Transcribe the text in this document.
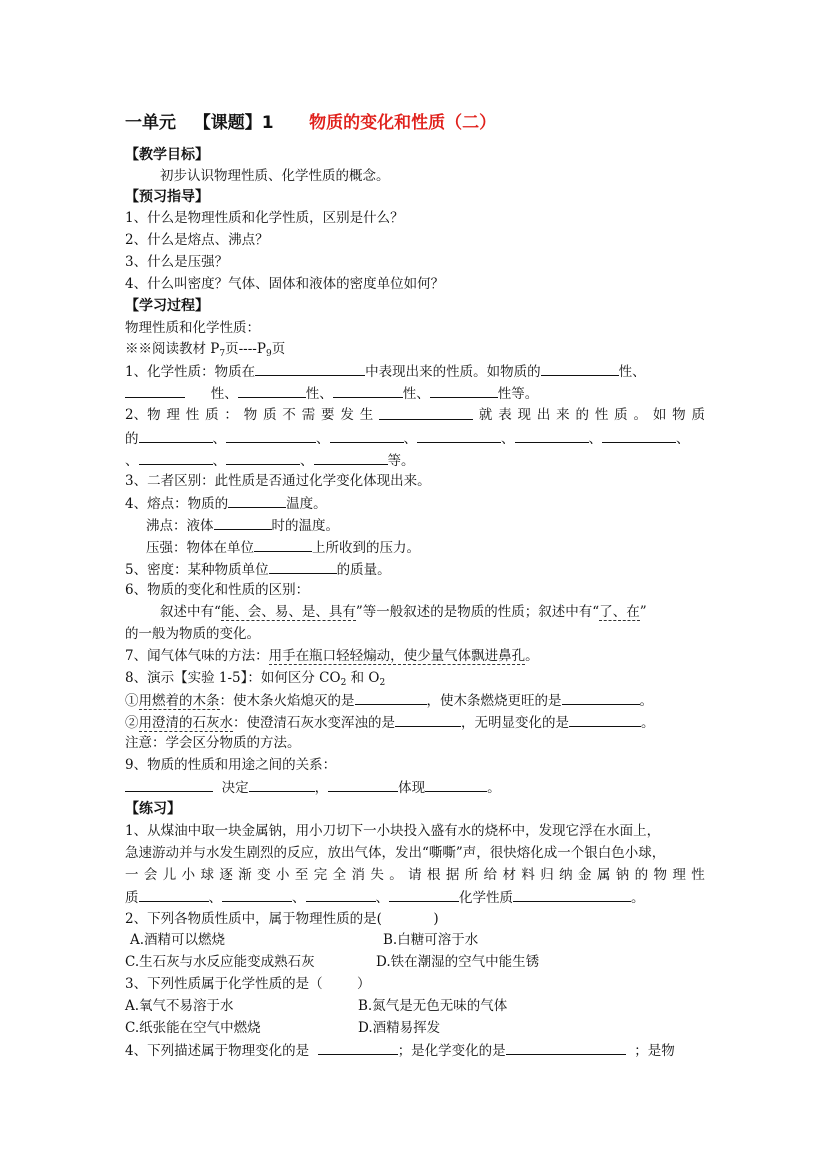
一单元 【课题】1 物质的变化和性质（二）
【教学目标】
初步认识物理性质、化学性质的概念。
【预习指导】
1、什么是物理性质和化学性质，区别是什么？
2、什么是熔点、沸点？
3、什么是压强？
4、什么叫密度？气体、固体和液体的密度单位如何？
【学习过程】
物理性质和化学性质：
※※阅读教材 $P_7$页$----P_9$页
1、化学性质：物质在	中表现出来的性质。如物质的	性、
性、	性、	性、	性等。
2、物 理 性 质 ： 物 质 不 需 要 发 生	就 表 现 出 来 的 性 质 。 如 物 质
的	、	、	、	、	、	、
、	、	、	等。
3、二者区别：此性质是否通过化学变化体现出来。
4、熔点：物质的	温度。
沸点：液体	时的温度。
压强：物体在单位	上所收到的压力。
5、密度：某种物质单位	的质量。
6、物质的变化和性质的区别：
叙述中有“能、会、易、是、具有”等一般叙述的是物质的性质；叙述中有“了、在”
的一般为物质的变化。
7、闻气体气味的方法：用手在瓶口轻轻煽动，使少量气体飘进鼻孔。
8、演示【实验 1-5】：如何区分 $CO_2$ 和 $O_2$
①用燃着的木条：使木条火焰熄灭的是	，使木条燃烧更旺的是	。
②用澄清的石灰水：使澄清石灰水变浑浊的是	，无明显变化的是	。
注意：学会区分物质的方法。
9、物质的性质和用途之间的关系：
决定	，	体现	。
【练习】
1、从煤油中取一块金属钠，用小刀切下一小块投入盛有水的烧杯中，发现它浮在水面上，
急速游动并与水发生剧烈的反应，放出气体，发出“嘶嘶”声，很快熔化成一个银白色小球，
一 会 儿 小 球 逐 渐 变 小 至 完 全 消 失 。 请 根 据 所 给 材 料 归 纳 金 属 钠 的 物 理 性
质	、	、	、	化学性质	。
2、下列各物质性质中，属于物理性质的是(	)
A.酒精可以燃烧	B.白糖可溶于水
C.生石灰与水反应能变成熟石灰	D.铁在潮湿的空气中能生锈
3、下列性质属于化学性质的是（	）
A.氧气不易溶于水	B.氮气是无色无味的气体
C.纸张能在空气中燃烧	D.酒精易挥发
4、下列描述属于物理变化的是	；是化学变化的是	；是物
